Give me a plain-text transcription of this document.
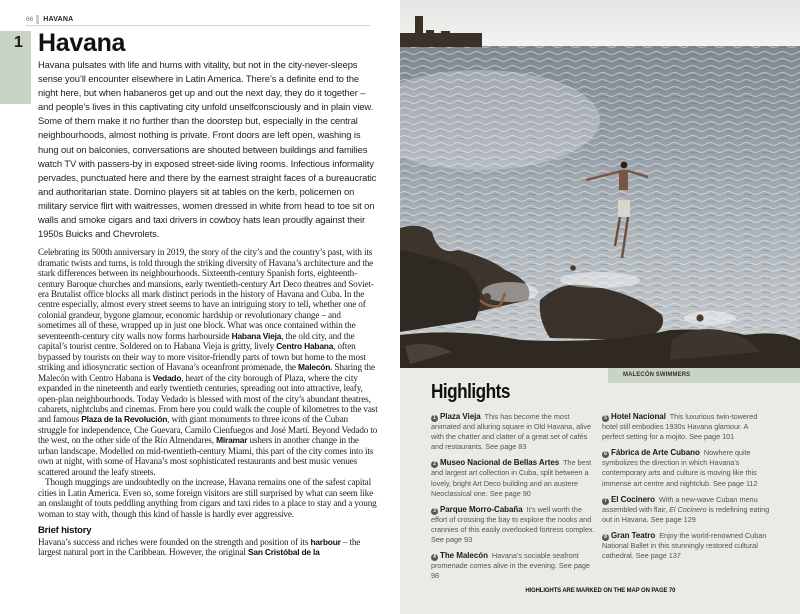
66 HAVANA
1 Havana

Havana pulsates with life and hums with vitality, but not in the city-never-sleeps sense you’ll encounter elsewhere in Latin America. There’s a definite end to the night here, but when habaneros get up and out the next day, they do it together – and people’s lives in this captivating city unfold unselfconsciously and in plain view. Some of them make it no further than the doorstep but, especially in the central neighbourhoods, almost nothing is private. Front doors are left open, washing is hung out on balconies, conversations are shouted between buildings and families watch TV with passers-by in exposed street-side living rooms. Infectious informality pervades, punctuated here and there by the earnest straight faces of a bureaucratic and authoritarian state. Domino players sit at tables on the kerb, policemen on military service flirt with waitresses, women dressed in white from head to toe sit on walls and smoke cigars and taxi drivers in cowboy hats lean proudly against their 1950s Buicks and Chevrolets.

Celebrating its 500th anniversary in 2019, the story of the city’s and the country’s past, with its dramatic twists and turns, is told through the striking diversity of Havana’s architecture and the stark differences between its neighbourhoods. Sixteenth-century Spanish forts, eighteenth-century Baroque churches and mansions, early twentieth-century Art Deco theatres and Soviet-era Brutalist office blocks all mark distinct periods in the history of Havana and Cuba. In the centre especially, almost every street seems to have an intriguing story to tell, whether one of colonial grandeur, bygone glamour, economic hardship or revolutionary change – and sometimes all of these, wrapped up in just one block. What was once contained within the seventeenth-century city walls now forms harbourside Habana Vieja, the old city, and the capital’s tourist centre. Soldered on to Habana Vieja is gritty, lively Centro Habana, often bypassed by tourists on their way to more visitor-friendly parts of town but home to the most striking and idiosyncratic section of Havana’s oceanfront promenade, the Malecón. Sharing the Malecón with Centro Habana is Vedado, heart of the city borough of Plaza, where the city expanded in the nineteenth and early twentieth centuries, spreading out into attractive, leafy, open-plan neighbourhoods. Today Vedado is blessed with most of the city’s abundant theatres, cabarets, nightclubs and cinemas. From here you could walk the couple of kilometres to the vast and famous Plaza de la Revolución, with giant monuments to three icons of the Cuban struggle for independence, Che Guevara, Camilo Cienfuegos and José Martí. Beyond Vedado to the west, on the other side of the Río Almendares, Miramar ushers in another change in the urban landscape. Modelled on mid-twentieth-century Miami, this part of the city comes into its own at night, with some of Havana’s most sophisticated restaurants and best music venues scattered around the leafy streets.
Though muggings are undoubtedly on the increase, Havana remains one of the safest capital cities in Latin America. Even so, some foreign visitors are still surprised by what can seem like an onslaught of touts peddling anything from cigars and taxi rides to a place to stay and a young woman to stay with, though this kind of hassle is hardly ever aggressive.

Brief history

Havana’s success and riches were founded on the strength and position of its harbour – the largest natural port in the Caribbean. However, the original San Cristóbal de la

MALECÓN SWIMMERS
Highlights

1 Plaza Vieja This has become the most animated and alluring square in Old Havana, alive with the chatter and clatter of a great set of cafés and restaurants. See page 83

2 Museo Nacional de Bellas Artes The best and largest art collection in Cuba, split between a lovely, bright Art Deco building and an austere Neoclassical one. See page 90

3 Parque Morro-Cabaña It’s well worth the effort of crossing the bay to explore the nooks and crannies of this easily overlooked fortress complex. See page 93

4 The Malecón Havana’s sociable seafront promenade comes alive in the evening. See page 98

5 Hotel Nacional This luxurious twin-towered hotel still embodies 1930s Havana glamour. A perfect setting for a mojito. See page 101

6 Fábrica de Arte Cubano Nowhere quite symbolizes the direction in which Havana’s contemporary arts and culture is moving like this immense art centre and nightclub. See page 112

7 El Cocinero With a new-wave Cuban menu assembled with flair, El Cocinero is redefining eating out in Havana. See page 129

8 Gran Teatro Enjoy the world-renowned Cuban National Ballet in this stunningly restored cultural cathedral. See page 137

HIGHLIGHTS ARE MARKED ON THE MAP ON PAGE 70
